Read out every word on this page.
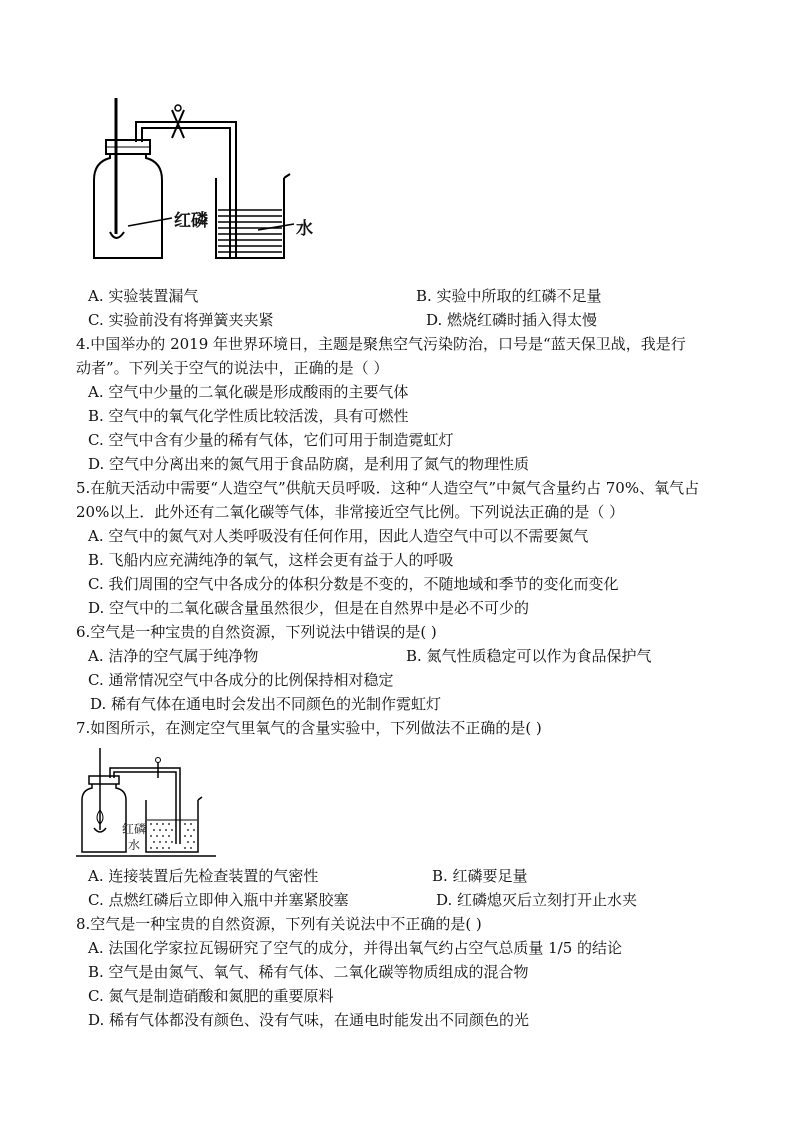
红磷	水
A. 实验装置漏气	B. 实验中所取的红磷不足量
C. 实验前没有将弹簧夹夹紧	D. 燃烧红磷时插入得太慢
4.中国举办的 2019 年世界环境日，主题是聚焦空气污染防治，口号是“蓝天保卫战，我是行
动者”。下列关于空气的说法中，正确的是（ ）
A. 空气中少量的二氧化碳是形成酸雨的主要气体
B. 空气中的氧气化学性质比较活泼，具有可燃性
C. 空气中含有少量的稀有气体，它们可用于制造霓虹灯
D. 空气中分离出来的氮气用于食品防腐，是利用了氮气的物理性质
5.在航天活动中需要“人造空气”供航天员呼吸．这种“人造空气”中氮气含量约占 70%、氧气占
20%以上．此外还有二氧化碳等气体，非常接近空气比例。下列说法正确的是（ ）
A. 空气中的氮气对人类呼吸没有任何作用，因此人造空气中可以不需要氮气
B. 飞船内应充满纯净的氧气，这样会更有益于人的呼吸
C. 我们周围的空气中各成分的体积分数是不变的，不随地域和季节的变化而变化
D. 空气中的二氧化碳含量虽然很少，但是在自然界中是必不可少的
6.空气是一种宝贵的自然资源，下列说法中错误的是( )
A. 洁净的空气属于纯净物	B. 氮气性质稳定可以作为食品保护气
C. 通常情况空气中各成分的比例保持相对稳定
D. 稀有气体在通电时会发出不同颜色的光制作霓虹灯
7.如图所示，在测定空气里氧气的含量实验中，下列做法不正确的是( )
红磷
水
A. 连接装置后先检查装置的气密性	B. 红磷要足量
C. 点燃红磷后立即伸入瓶中并塞紧胶塞	D. 红磷熄灭后立刻打开止水夹
8.空气是一种宝贵的自然资源，下列有关说法中不正确的是( )
A. 法国化学家拉瓦锡研究了空气的成分，并得出氧气约占空气总质量 1/5 的结论
B. 空气是由氮气、氧气、稀有气体、二氧化碳等物质组成的混合物
C. 氮气是制造硝酸和氮肥的重要原料
D. 稀有气体都没有颜色、没有气味，在通电时能发出不同颜色的光
